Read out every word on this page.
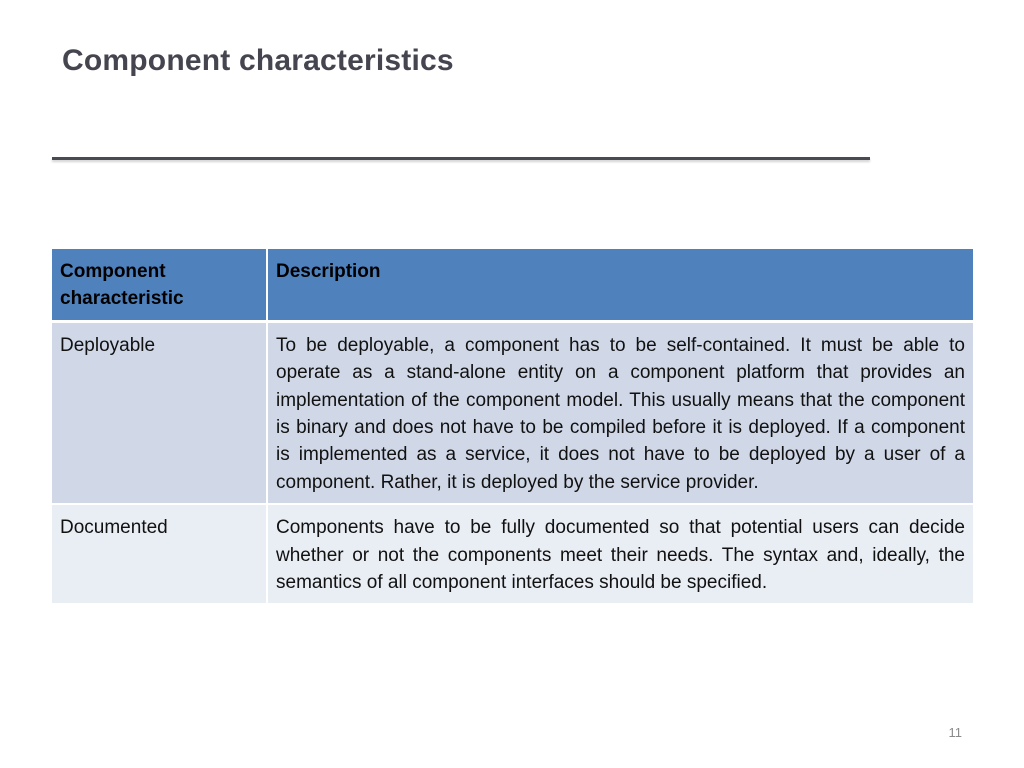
Component characteristics
Component characteristic	Description
Deployable	To be deployable, a component has to be self-contained. It must be able to operate as a stand-alone entity on a component platform that provides an implementation of the component model. This usually means that the component is binary and does not have to be compiled before it is deployed. If a component is implemented as a service, it does not have to be deployed by a user of a component. Rather, it is deployed by the service provider.
Documented	Components have to be fully documented so that potential users can decide whether or not the components meet their needs. The syntax and, ideally, the semantics of all component interfaces should be specified.
11
